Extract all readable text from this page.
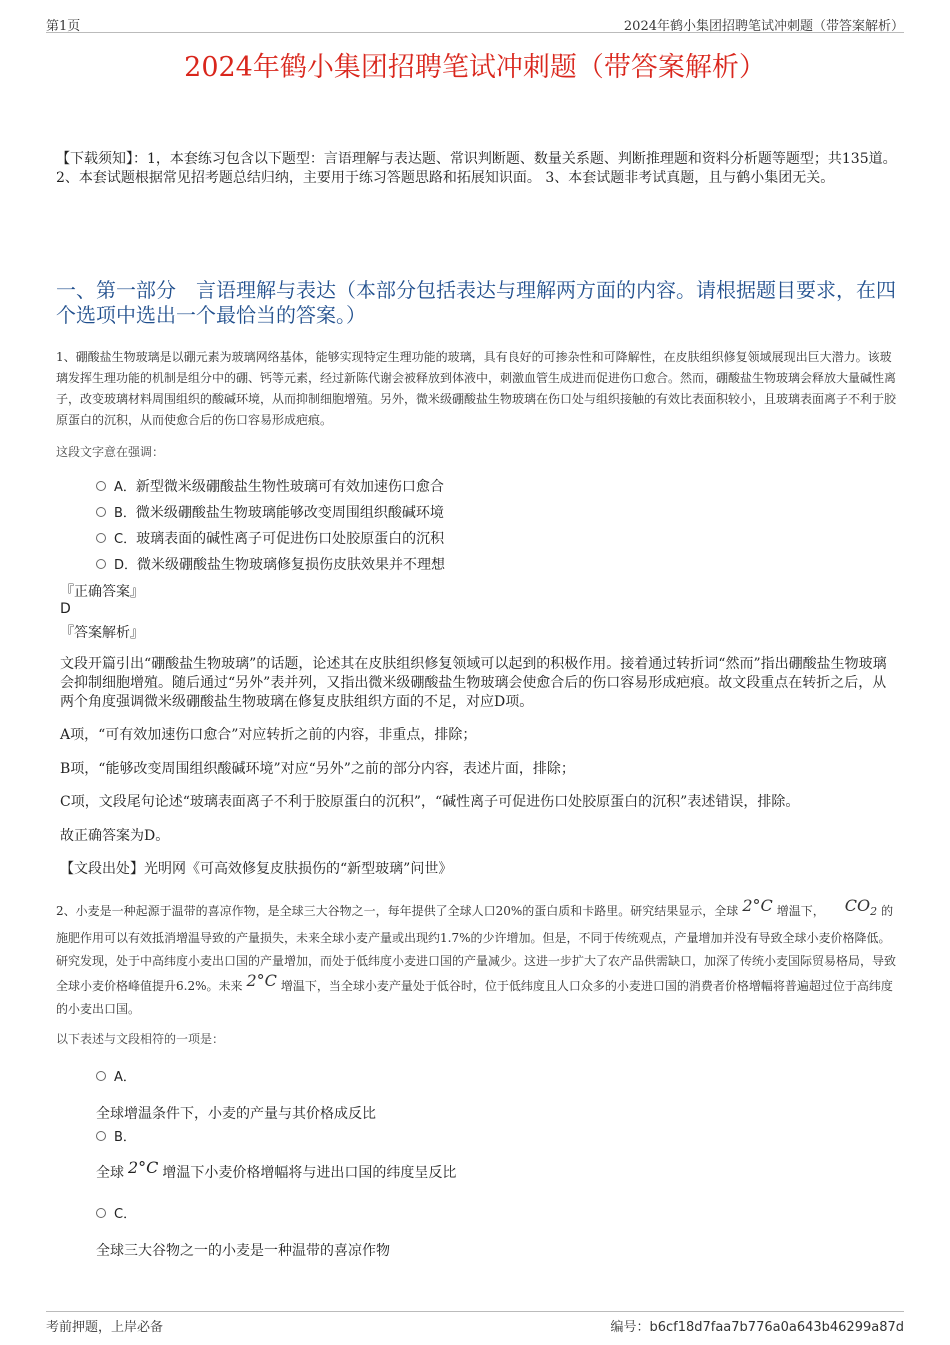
第1页	2024年鹤小集团招聘笔试冲刺题（带答案解析）
2024年鹤小集团招聘笔试冲刺题（带答案解析）
【下载须知】：1，本套练习包含以下题型：言语理解与表达题、常识判断题、数量关系题、判断推理题和资料分析题等题型；共135道。 2、本套试题根据常见招考题总结归纳，主要用于练习答题思路和拓展知识面。 3、本套试题非考试真题，且与鹤小集团无关。
一、第一部分　言语理解与表达（本部分包括表达与理解两方面的内容。请根据题目要求，在四个选项中选出一个最恰当的答案。）
1、硼酸盐生物玻璃是以硼元素为玻璃网络基体，能够实现特定生理功能的玻璃，具有良好的可掺杂性和可降解性，在皮肤组织修复领域展现出巨大潜力。该玻璃发挥生理功能的机制是组分中的硼、钙等元素，经过新陈代谢会被释放到体液中，刺激血管生成进而促进伤口愈合。然而，硼酸盐生物玻璃会释放大量碱性离子，改变玻璃材料周围组织的酸碱环境，从而抑制细胞增殖。另外，微米级硼酸盐生物玻璃在伤口处与组织接触的有效比表面积较小，且玻璃表面离子不利于胶原蛋白的沉积，从而使愈合后的伤口容易形成疤痕。
这段文字意在强调：
A．新型微米级硼酸盐生物性玻璃可有效加速伤口愈合
B．微米级硼酸盐生物玻璃能够改变周围组织酸碱环境
C．玻璃表面的碱性离子可促进伤口处胶原蛋白的沉积
D．微米级硼酸盐生物玻璃修复损伤皮肤效果并不理想
『正确答案』
D
『答案解析』
文段开篇引出“硼酸盐生物玻璃”的话题，论述其在皮肤组织修复领域可以起到的积极作用。接着通过转折词“然而”指出硼酸盐生物玻璃会抑制细胞增殖。随后通过“另外”表并列，又指出微米级硼酸盐生物玻璃会使愈合后的伤口容易形成疤痕。故文段重点在转折之后，从两个角度强调微米级硼酸盐生物玻璃在修复皮肤组织方面的不足，对应D项。
A项，“可有效加速伤口愈合”对应转折之前的内容，非重点，排除；
B项，“能够改变周围组织酸碱环境”对应“另外”之前的部分内容，表述片面，排除；
C项，文段尾句论述“玻璃表面离子不利于胶原蛋白的沉积”，“碱性离子可促进伤口处胶原蛋白的沉积”表述错误，排除。
故正确答案为D。
【文段出处】光明网《可高效修复皮肤损伤的“新型玻璃”问世》
2、小麦是一种起源于温带的喜凉作物，是全球三大谷物之一，每年提供了全球人口20%的蛋白质和卡路里。研究结果显示，全球 2°C 增温下， $CO_2$ 的施肥作用可以有效抵消增温导致的产量损失，未来全球小麦产量或出现约1.7%的少许增加。但是，不同于传统观点，产量增加并没有导致全球小麦价格降低。研究发现，处于中高纬度小麦出口国的产量增加，而处于低纬度小麦进口国的产量减少。这进一步扩大了农产品供需缺口，加深了传统小麦国际贸易格局，导致全球小麦价格峰值提升6.2%。未来 2°C 增温下，当全球小麦产量处于低谷时，位于低纬度且人口众多的小麦进口国的消费者价格增幅将普遍超过位于高纬度的小麦出口国。
以下表述与文段相符的一项是：
A．
全球增温条件下，小麦的产量与其价格成反比
B．
全球 2°C 增温下小麦价格增幅将与进出口国的纬度呈反比
C．
全球三大谷物之一的小麦是一种温带的喜凉作物
考前押题，上岸必备	编号：b6cf18d7faa7b776a0a643b46299a87d
